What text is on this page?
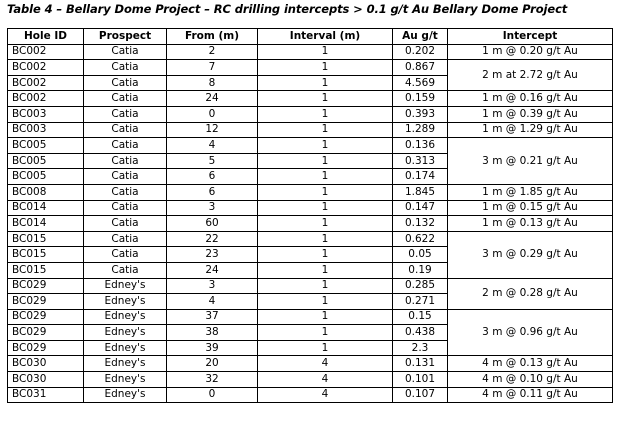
Table 4 – Bellary Dome Project – RC drilling intercepts > 0.1 g/t Au Bellary Dome Project
Hole ID	Prospect	From (m)	Interval (m)	Au g/t	Intercept
BC002	Catia	2	1	0.202	1 m @ 0.20 g/t Au
BC002	Catia	7	1	0.867	2 m at 2.72 g/t Au
BC002	Catia	8	1	4.569	
BC002	Catia	24	1	0.159	1 m @ 0.16 g/t Au
BC003	Catia	0	1	0.393	1 m @ 0.39 g/t Au
BC003	Catia	12	1	1.289	1 m @ 1.29 g/t Au
BC005	Catia	4	1	0.136	3 m @ 0.21 g/t Au
BC005	Catia	5	1	0.313	
BC005	Catia	6	1	0.174	
BC008	Catia	6	1	1.845	1 m @ 1.85 g/t Au
BC014	Catia	3	1	0.147	1 m @ 0.15 g/t Au
BC014	Catia	60	1	0.132	1 m @ 0.13 g/t Au
BC015	Catia	22	1	0.622	3 m @ 0.29 g/t Au
BC015	Catia	23	1	0.05	
BC015	Catia	24	1	0.19	
BC029	Edney's	3	1	0.285	2 m @ 0.28 g/t Au
BC029	Edney's	4	1	0.271	
BC029	Edney's	37	1	0.15	3 m @ 0.96 g/t Au
BC029	Edney's	38	1	0.438	
BC029	Edney's	39	1	2.3	
BC030	Edney's	20	4	0.131	4 m @ 0.13 g/t Au
BC030	Edney's	32	4	0.101	4 m @ 0.10 g/t Au
BC031	Edney's	0	4	0.107	4 m @ 0.11 g/t Au
